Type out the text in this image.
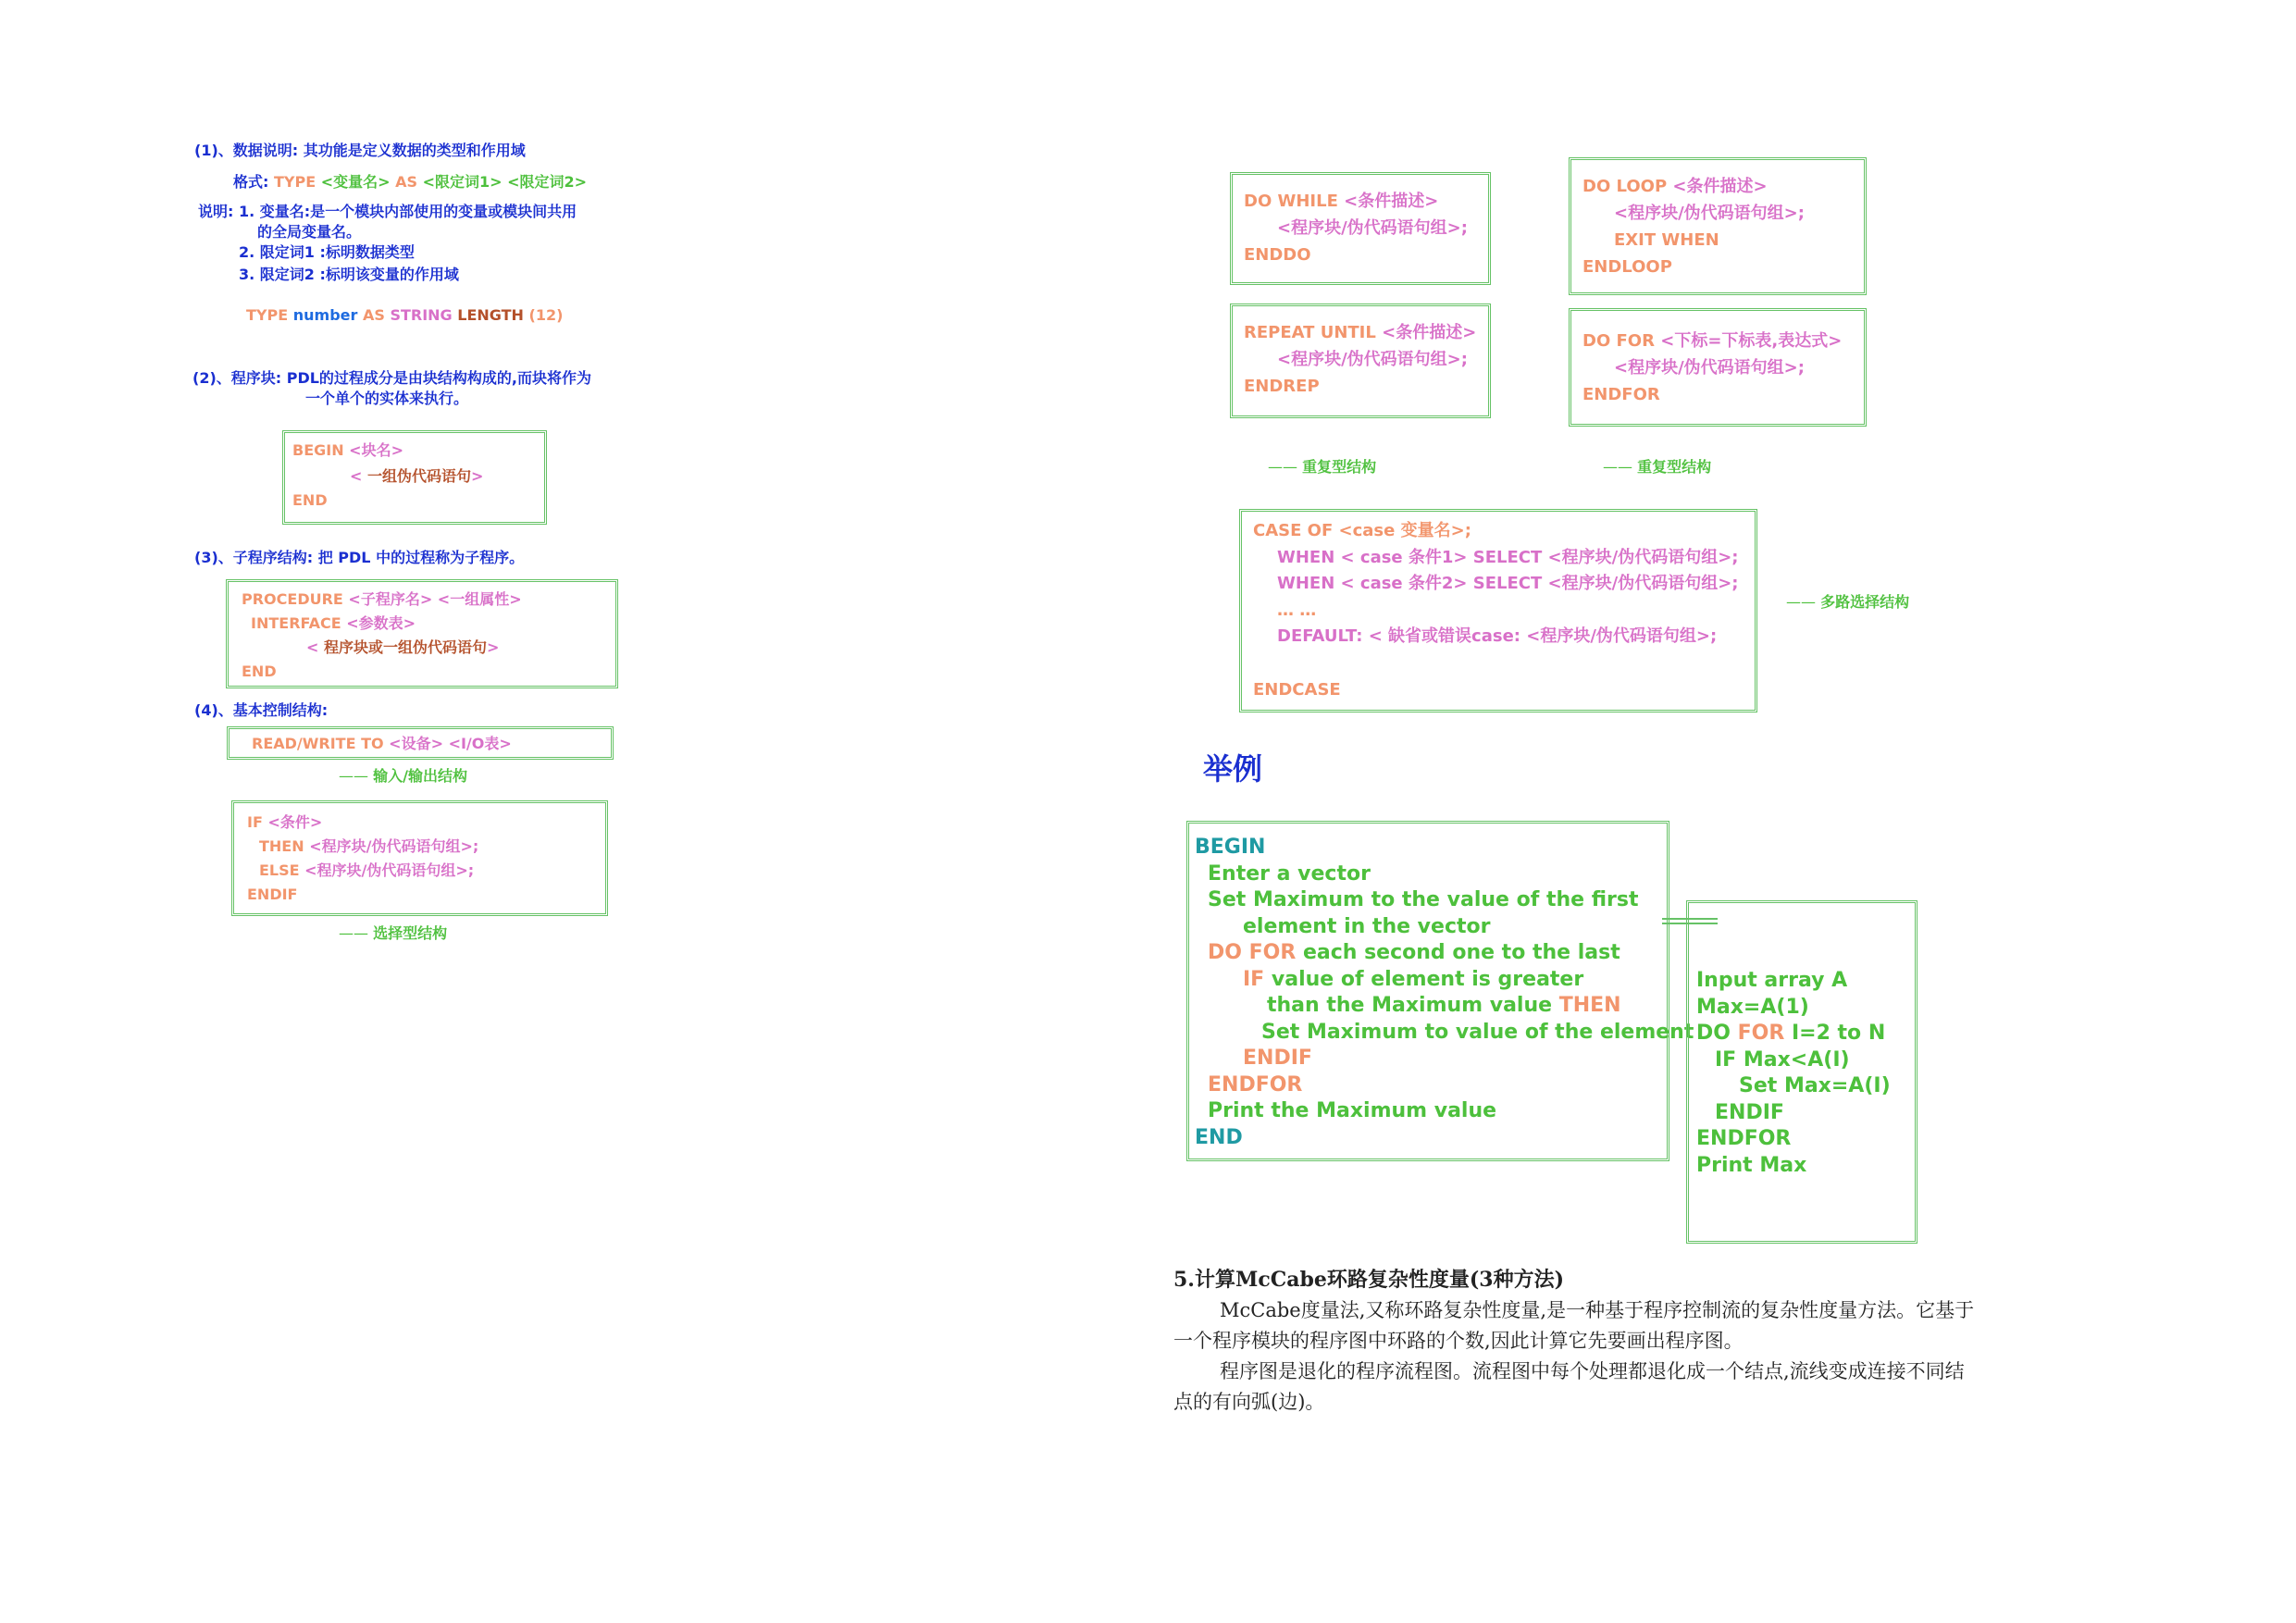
(1)、数据说明: 其功能是定义数据的类型和作用域
格式: TYPE <变量名> AS <限定词1> <限定词2>
说明: 1. 变量名:是一个模块内部使用的变量或模块间共用
的全局变量名。
2. 限定词1 :标明数据类型
3. 限定词2 :标明该变量的作用域
TYPE number AS STRING LENGTH (12)
(2)、程序块: PDL的过程成分是由块结构构成的,而块将作为
一个单个的实体来执行。
BEGIN <块名>
< 一组伪代码语句>
END
(3)、子程序结构: 把 PDL 中的过程称为子程序。
PROCEDURE <子程序名> <一组属性>
INTERFACE <参数表>
< 程序块或一组伪代码语句>
END
(4)、基本控制结构:
READ/WRITE TO <设备> <I/O表>
—— 输入/输出结构
IF <条件>
THEN <程序块/伪代码语句组>;
ELSE <程序块/伪代码语句组>;
ENDIF
—— 选择型结构
DO WHILE <条件描述>
<程序块/伪代码语句组>;
ENDDO
REPEAT UNTIL <条件描述>
<程序块/伪代码语句组>;
ENDREP
DO LOOP <条件描述>
<程序块/伪代码语句组>;
EXIT WHEN
ENDLOOP
DO FOR <下标=下标表,表达式>
<程序块/伪代码语句组>;
ENDFOR
—— 重复型结构
——	重复型结构
CASE OF <case 变量名>;
WHEN < case 条件1> SELECT <程序块/伪代码语句组>;
WHEN < case 条件2> SELECT <程序块/伪代码语句组>;
… …
DEFAULT: < 缺省或错误case: <程序块/伪代码语句组>;
ENDCASE
—— 多路选择结构
举例
BEGIN
Enter a vector
Set Maximum to the value of the first
element in the vector
DO FOR each second one to the last
IF value of element is greater
than the Maximum value THEN
Set Maximum to value of the element
ENDIF
ENDFOR
Print the Maximum value
END
Input array A
Max=A(1)
DO FOR I=2 to N
IF Max<A(I)
Set Max=A(I)
ENDIF
ENDFOR
Print Max
5.计算McCabe环路复杂性度量(3种方法)
McCabe度量法,又称环路复杂性度量,是一种基于程序控制流的复杂性度量方法。它基于
一个程序模块的程序图中环路的个数,因此计算它先要画出程序图。
程序图是退化的程序流程图。流程图中每个处理都退化成一个结点,流线变成连接不同结
点的有向弧(边)。
